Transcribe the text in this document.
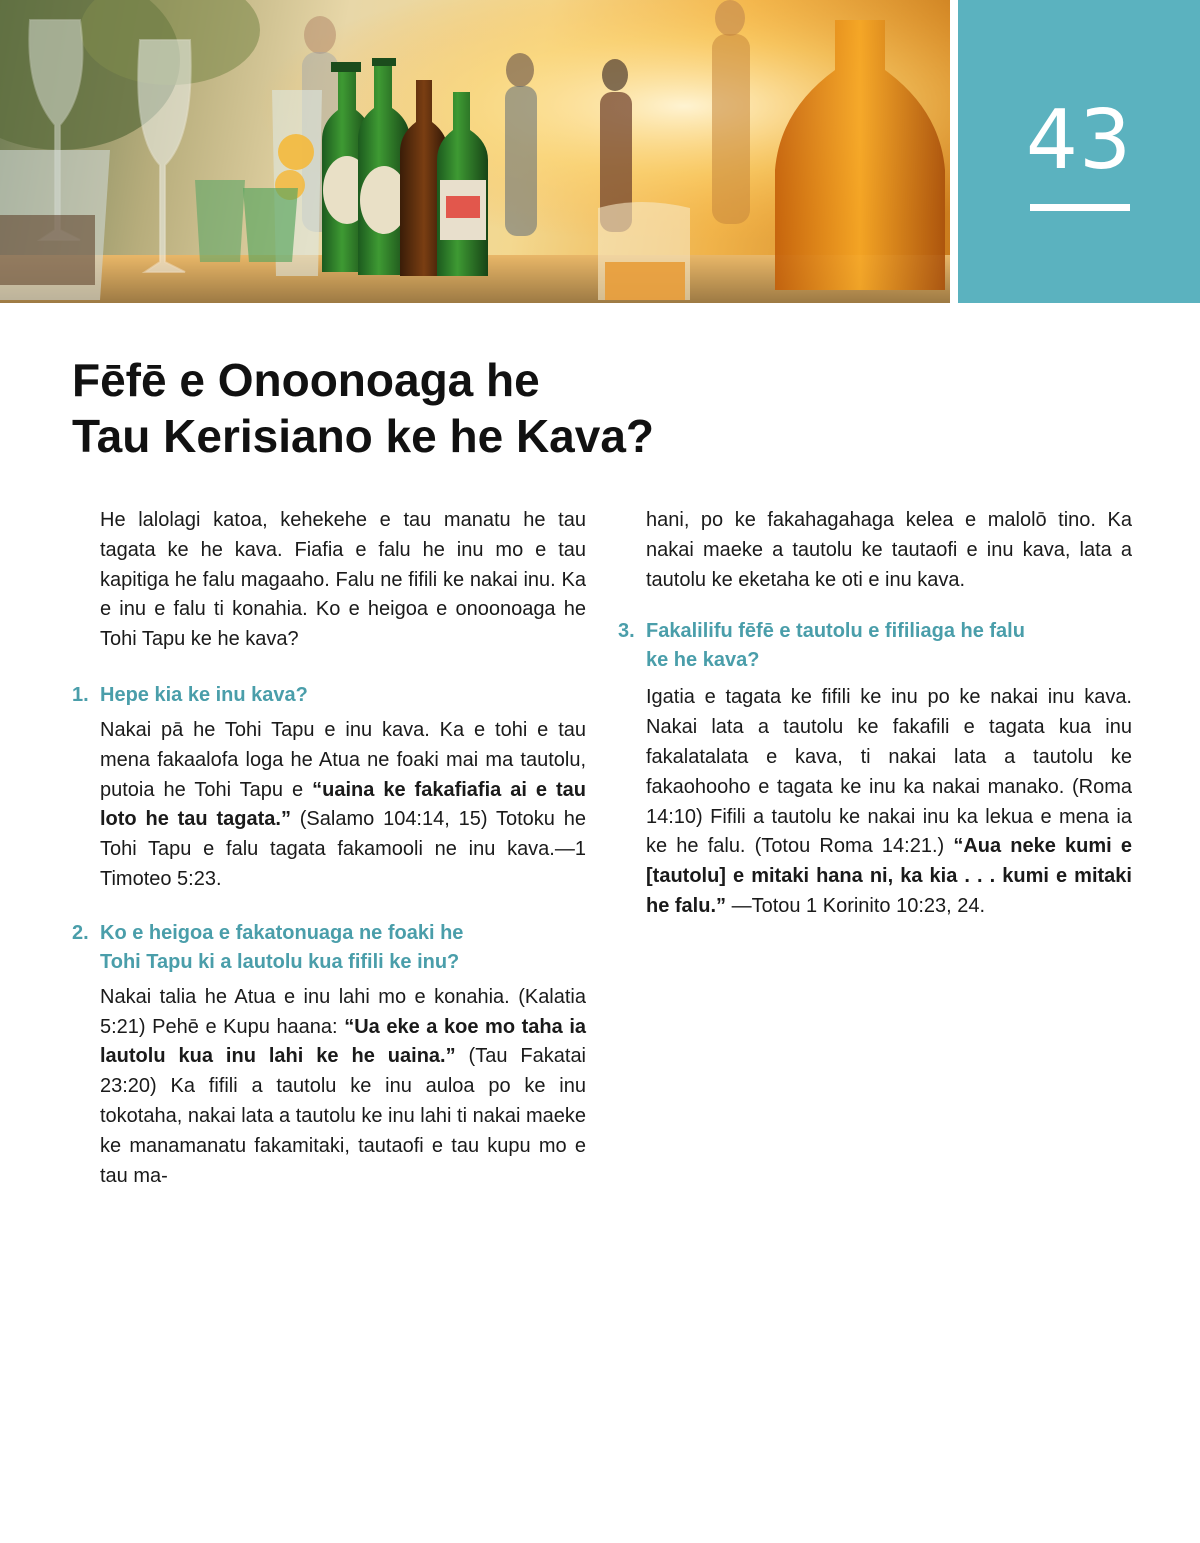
43
Fēfē e Onoonoaga he
Tau Kerisiano ke he Kava?

He lalolagi katoa, kehekehe e tau manatu he tau tagata ke he kava. Fiafia e falu he inu mo e tau kapitiga he falu magaaho. Falu ne fifili ke nakai inu. Ka e inu e falu ti konahia. Ko e heigoa e onoonoaga he Tohi Tapu ke he kava?

1. Hepe kia ke inu kava?

Nakai pā he Tohi Tapu e inu kava. Ka e tohi e tau mena fakaalofa loga he Atua ne foaki mai ma tautolu, putoia he Tohi Tapu e “uaina ke fakafiafia ai e tau loto he tau tagata.” (Salamo 104:14, 15) Totoku he Tohi Tapu e falu tagata fakamooli ne inu kava.—1 Timoteo 5:23.

2. Ko e heigoa e fakatonuaga ne foaki he
Tohi Tapu ki a lautolu kua fifili ke inu?

Nakai talia he Atua e inu lahi mo e konahia. (Kalatia 5:21) Pehē e Kupu haana: “Ua eke a koe mo taha ia lautolu kua inu lahi ke he uaina.” (Tau Fakatai 23:20) Ka fifili a tautolu ke inu auloa po ke inu tokotaha, nakai lata a tautolu ke inu lahi ti nakai maeke ke manamanatu fakamitaki, tautaofi e tau kupu mo e tau ma-

hani, po ke fakahagahaga kelea e malolō tino. Ka nakai maeke a tautolu ke tautaofi e inu kava, lata a tautolu ke eketaha ke oti e inu kava.

3. Fakalilifu fēfē e tautolu e fifiliaga he falu
ke he kava?

Igatia e tagata ke fifili ke inu po ke nakai inu kava. Nakai lata a tautolu ke fakafili e tagata kua inu fakalatalata e kava, ti nakai lata a tautolu ke fakaohooho e tagata ke inu ka nakai manako. (Roma 14:10) Fifili a tautolu ke nakai inu ka lekua e mena ia ke he falu. (Totou Roma 14:21.) “Aua neke kumi e [tautolu] e mitaki hana ni, ka kia . . . kumi e mitaki he falu.” —Totou 1 Korinito 10:23, 24.
